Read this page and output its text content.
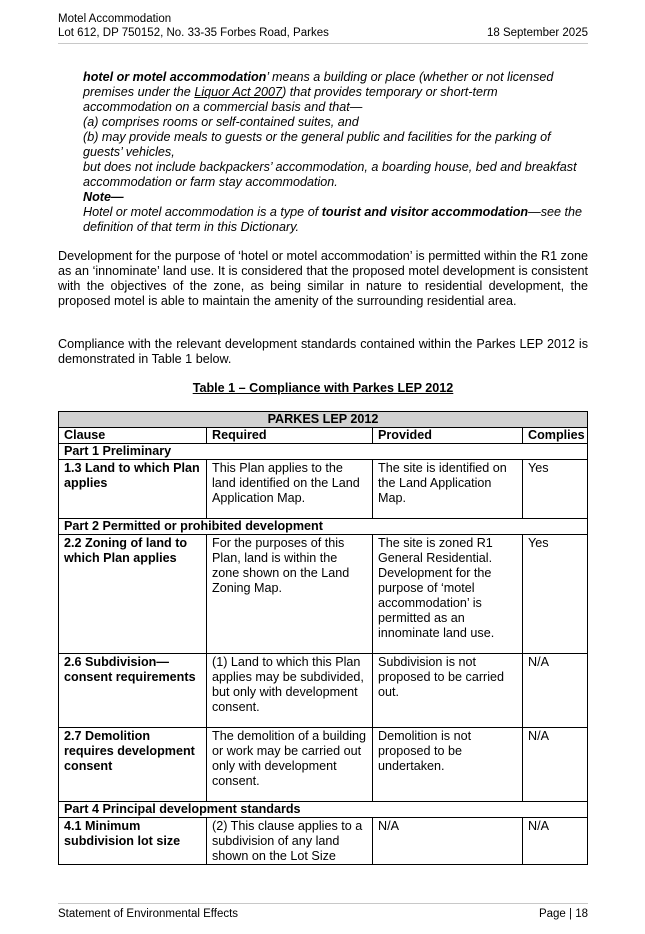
Motel Accommodation
Lot 612, DP 750152, No. 33-35 Forbes Road, Parkes	18 September 2025

hotel or motel accommodation’ means a building or place (whether or not licensed premises under the Liquor Act 2007) that provides temporary or short-term accommodation on a commercial basis and that—

(a) comprises rooms or self-contained suites, and

(b) may provide meals to guests or the general public and facilities for the parking of guests’ vehicles,

but does not include backpackers’ accommodation, a boarding house, bed and breakfast accommodation or farm stay accommodation.

Note—

Hotel or motel accommodation is a type of tourist and visitor accommodation—see the definition of that term in this Dictionary.

Development for the purpose of ‘hotel or motel accommodation’ is permitted within the R1 zone as an ‘innominate’ land use. It is considered that the proposed motel development is consistent with the objectives of the zone, as being similar in nature to residential development, the proposed motel is able to maintain the amenity of the surrounding residential area.

Compliance with the relevant development standards contained within the Parkes LEP 2012 is demonstrated in Table 1 below.

Table 1 – Compliance with Parkes LEP 2012
PARKES LEP 2012			
Clause	Required	Provided	Complies
Part 1 Preliminary			
1.3 Land to which Plan applies	This Plan applies to the land identified on the Land Application Map.	The site is identified on the Land Application Map.	Yes
Part 2 Permitted or prohibited development			
2.2 Zoning of land to which Plan applies	For the purposes of this Plan, land is within the zone shown on the Land Zoning Map.	The site is zoned R1 General Residential. Development for the purpose of ‘motel accommodation’ is permitted as an innominate land use.	Yes
2.6 Subdivision—consent requirements	(1) Land to which this Plan applies may be subdivided, but only with development consent.	Subdivision is not proposed to be carried out.	N/A
2.7 Demolition requires development consent	The demolition of a building or work may be carried out only with development consent.	Demolition is not proposed to be undertaken.	N/A
Part 4 Principal development standards			
4.1 Minimum subdivision lot size	(2) This clause applies to a subdivision of any land shown on the Lot Size	N/A	N/A
Statement of Environmental Effects	Page | 18
